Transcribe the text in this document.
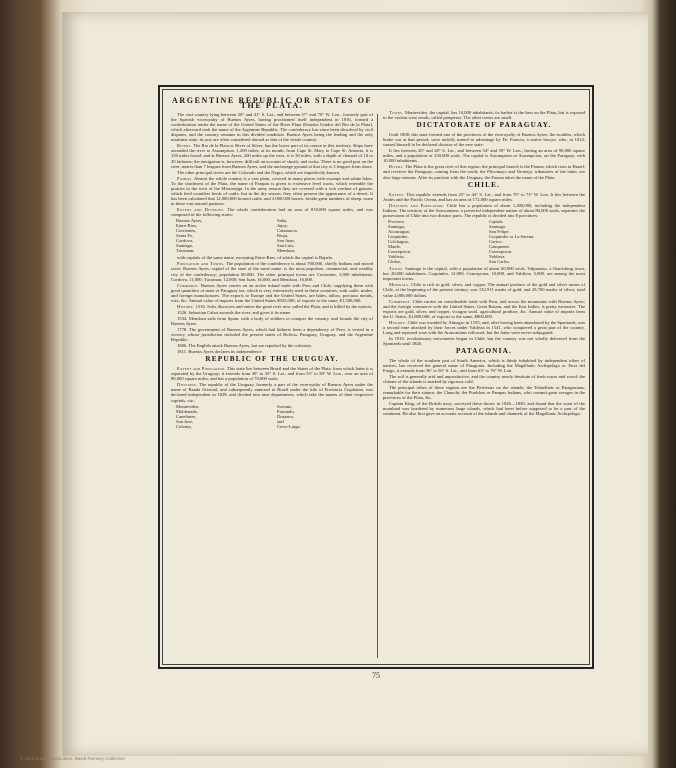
ARGENTINE REPUBLIC OR STATES OF THE PLATA.

The vast country lying between 20° and 41° S. Lat., and between 57° and 70° W. Lon., formerly part of the Spanish viceroyalty of Buenos Ayres, having proclaimed itself independent in 1816, formed a confederation under the name of the United States of the River Plata (Estados Unidos del Rio de la Plata), which afterward took the name of the Argentine Republic. The confederacy has since been dissolved by civil disputes, and the country remains in this divided condition. Buenos Ayres being the leading and the only maritime state, its acts are often considered abroad as that of the whole country.

Rivers. The Rio de la Plata or River of Silver, has the lower part of its course in this territory. Ships have ascended the river to Assumption, 1,200 miles; at its mouth, from Cape St. Mary to Cape St. Antonio, it is 150 miles broad; and at Buenos Ayres, 200 miles up the river, it is 30 miles, with a depth of channel of 18 to 20 fathoms; the navigation is, however, difficult on account of shoals, and rocks. There is no good port on the river, nearer than 7 leagues from Buenos Ayres, and the anchorage-ground at that city is 3 leagues from shore.

The other principal rivers are the Colorado and the Negro, which are imperfectly known.

Pampas. Almost the whole country is a vast plain, covered in many places with swamps and saline lakes. To the southwest of the Plata, the name of Pampas is given to extensive level tracts, which resemble the prairies to the west of the Mississippi. In the rainy season they are covered with a rich verdure of grasses, which feed countless herds of cattle, but in the dry season, they often present the appearance of a desert. It has been calculated that 12,000,000 horned cattle, and 3,000,000 horses, beside great numbers of sheep, roam in these vast natural pastures.

Extent and Divisions. The whole confederation had an area of 810,000 square miles, and was composed of the following states:

Buenos Ayres,
Entre-Rios,
Corrientes,
Santa Fe,
Cordova,
Santiago,
Tucuman,
Salta,
Jujuy,
Catamarca,
Rioja,
San Juan,
San Luis,
Mendoza,

with capitals of the same name, excepting Entre-Rios, of which the capital is Bajada.

Population and Towns. The population of the confederacy is about 700,000, chiefly Indians and mixed races. Buenos Ayres, capital of the state of the same name, is the most populous, commercial, and wealthy city of the confederacy; population 80,000. The other principal towns are Corrientes, 3,000 inhabitants; Cordova, 11,000; Tucuman, 12,000; San Juan, 16,000, and Mendoza, 16,000.

Commerce. Buenos Ayres carries on an active inland trade with Peru and Chile, supplying them with great quantities of mate or Paraguay tea, which is very extensively used in these countries, with cattle, mules, and foreign manufactures. The exports to Europe and the United States, are hides, tallow, precious metals, wax, &c. Annual value of imports from the United States $925,000; of exports to the same, $1,500,000.

History. 1516. Solis discovers and enters the great river now called the Plata, and is killed by the natives.

1526. Sebastian Cabot ascends the river, and gives it its name.

1534. Mendoza sails from Spain, with a body of soldiers to conquer the country, and founds the city of Buenos Ayres.

1778. The government of Buenos Ayres, which had hitherto been a dependency of Peru, is vested in a viceroy, whose jurisdiction included the present states of Bolivia, Paraguay, Uruguay, and the Argentine Republic.

1806. The English attack Buenos Ayres, but are repulsed by the colonists.

1811. Buenos Ayres declares its independence.

REPUBLIC OF THE URUGUAY.

Extent and Population. This state lies between Brazil and the States of the Plata, from which latter it is separated by the Uruguay; it extends from 30° to 35° S. Lat., and from 53° to 58° W. Lon., over an area of 80,000 square miles, and has a population of 70,000 souls.

Divisions. The republic of the Uruguay, formerly a part of the viceroyalty of Buenos Ayres under the name of Banda Oriental, and subsequently annexed to Brazil under the title of Provincia Cisplatina, was declared independent in 1828, and divided into nine departments, which take the names of their respective capitals, viz.:

Montevideo,
Maldonado,
Canelones,
San Jose,
Colonia,
Soriano,
Paisandu,
Durazno,
and
Cerro-Largo.

Towns. Montevideo, the capital, has 10,000 inhabitants; its harbor is the best on the Plata, but is exposed to the violent west winds, called pamperos. The other towns are small.

DICTATORATE OF PARAGUAY.

Until 1808, this state formed one of the provinces of the viceroyalty of Buenos Ayres; the troubles, which broke out at that period, were artfully turned to advantage by Dr. Francia, a native lawyer, who, in 1814, caused himself to be declared dictator of the new state.

It lies between 20° and 28° S. Lat., and between 54° and 59° W. Lon., having an area of 90,000 square miles, and a population of 250,000 souls. The capital is Assumption or Assumpcion, on the Paraguay, with 10,000 inhabitants.

Rivers. The Plata is the great river of this region; the principal branch is the Parana, which rises in Brazil, and receives the Paraguay, coming from the north; the Pilcomayo and Vermejo, tributaries of the latter, are also large streams. After its junction with the Uruguay, the Parana takes the name of the Plata.

CHILE.

Extent. This republic extends from 25° to 44° S. Lat., and from 70° to 73° W. Lon. It lies between the Andes and the Pacific Ocean, and has an area of 172,000 square miles.

Divisions and Population. Chile has a population of about 1,400,000, including the independent Indians. The territory of the Araucanians, a powerful independent nation of about 80,000 souls, separates the possessions of Chile into two distinct parts. The republic is divided into 8 provinces:

Provinces.
Santiago,
Aconcagua,
Coquimbo,
Colchagua,
Maule,
Concepcion,
Valdivia,
Chiloe,
Capitals.
Santiago.
San Felipe.
Coquimbo or La Serena.
Curico.
Cauquenes.
Concepcion.
Valdivia.
San Carlos.

Towns. Santiago is the capital, with a population of about 60,000 souls. Valparaiso, a flourishing town, has 20,000 inhabitants. Coquimbo, 12,000, Concepcion, 10,000, and Valdivia, 5,000, are among the most important towns.

Minerals. Chile is rich in gold, silver, and copper. The annual produce of the gold and silver mines of Chile, at the beginning of the present century, was 132,911 marks of gold, and 29,700 marks of silver; total value 2,000,000 dollars.

Commerce. Chile carries on considerable trade with Peru, and across the mountains with Buenos Ayres; and the foreign commerce with the United States, Great Britain, and the East Indies, is pretty extensive. The exports are gold, silver, and copper, vicugna wool, agricultural produce, &c. Annual value of imports from the U. States, $1,800,000; of exports to the same, $800,000.

History. Chile was invaded by Almagro in 1535, and, after having been abandoned by the Spaniards, was a second time attacked by their forces under Valdivia in 1541, who conquered a great part of the country. Long and repeated wars with the Araucanians followed, but the latter were never subjugated.

In 1810, revolutionary movements began in Chile, but the country was not wholly delivered from the Spaniards until 1826.

PATAGONIA.

The whole of the southern part of South America, which is thinly inhabited by independent tribes of natives, has received the general name of Patagonia. Including the Magellanic Archipelago or Terra del Fuego, it extends from 36° to 56° S. Lat., and from 63° to 76° W. Lon.

The soil is generally arid and unproductive, and the country nearly destitute of fresh water and wood: the climate of the islands is marked by rigorous cold.

The principal tribes of these regions are the Pecherais on the islands; the Tehuelhets or Patagonians, remarkable for their stature; the Chunchi; the Puelches or Pampas Indians, who commit great ravages in the provinces of the Plata, &c.

Captain King, of the British navy, surveyed these shores in 1826—1830, and found that the coast of the mainland was bordered by numerous large islands, which had been before supposed to be a part of the continent. He also first gave an accurate account of the islands and channels of the Magellanic Archipelago.

75
© Cartography Associates, David Rumsey Collection
